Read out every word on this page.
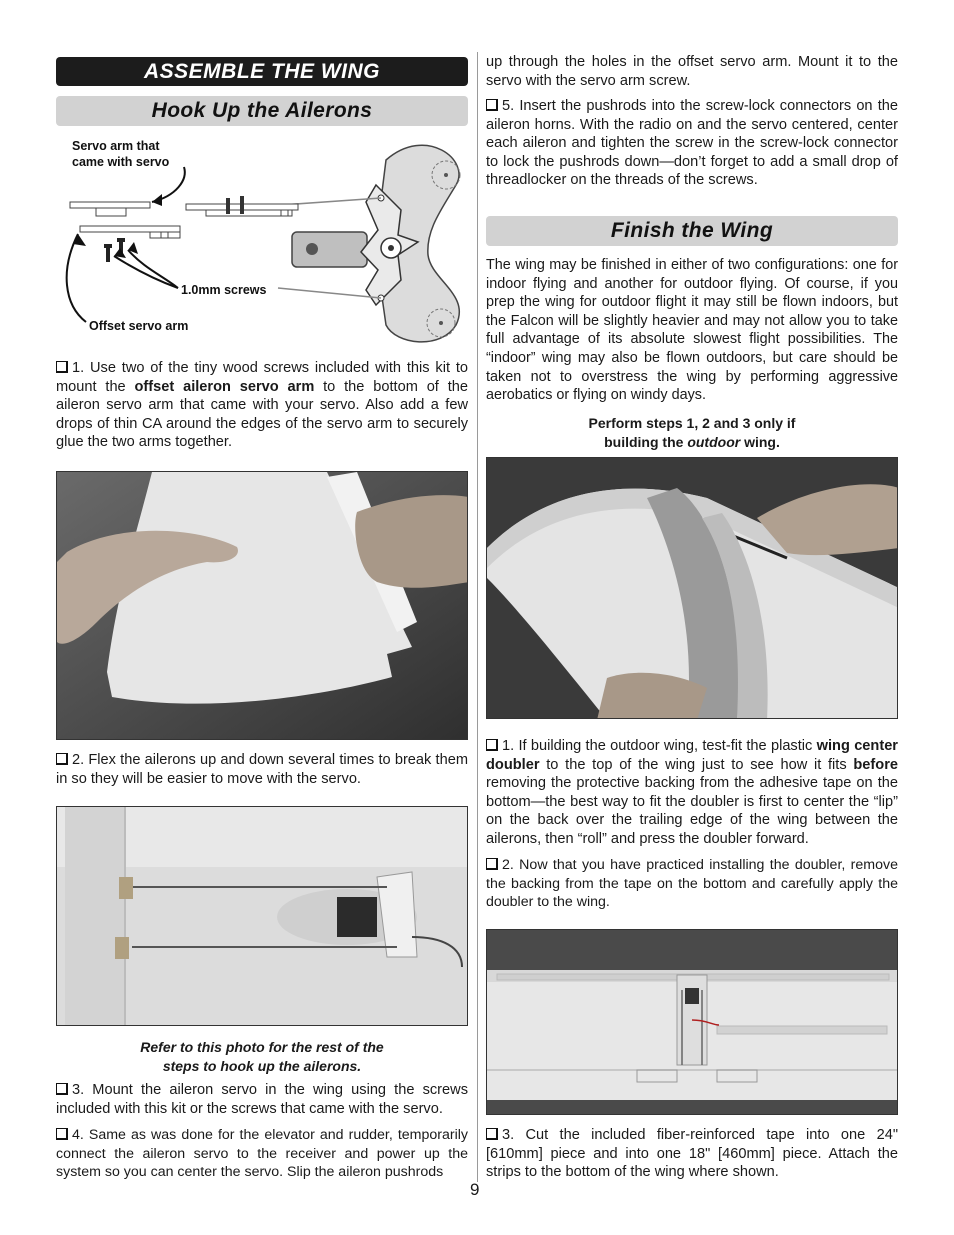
ASSEMBLE THE WING
Hook Up the Ailerons
Servo arm that
came with servo
1.0mm screws
Offset servo arm
1. Use two of the tiny wood screws included with this kit to mount the offset aileron servo arm to the bottom of the aileron servo arm that came with your servo. Also add a few drops of thin CA around the edges of the servo arm to securely glue the two arms together.
2. Flex the ailerons up and down several times to break them in so they will be easier to move with the servo.
Refer to this photo for the rest of the
steps to hook up the ailerons.
3. Mount the aileron servo in the wing using the screws included with this kit or the screws that came with the servo.
4. Same as was done for the elevator and rudder, temporarily connect the aileron servo to the receiver and power up the system so you can center the servo. Slip the aileron pushrods
up through the holes in the offset servo arm. Mount it to the servo with the servo arm screw.
5. Insert the pushrods into the screw-lock connectors on the aileron horns. With the radio on and the servo centered, center each aileron and tighten the screw in the screw-lock connector to lock the pushrods down—don’t forget to add a small drop of threadlocker on the threads of the screws.
Finish the Wing
The wing may be finished in either of two configurations: one for indoor flying and another for outdoor flying. Of course, if you prep the wing for outdoor flight it may still be flown indoors, but the Falcon will be slightly heavier and may not allow you to take full advantage of its absolute slowest flight possibilities. The “indoor” wing may also be flown outdoors, but care should be taken not to overstress the wing by performing aggressive aerobatics or flying on windy days.
Perform steps 1, 2 and 3 only if
building the outdoor wing.
1. If building the outdoor wing, test-fit the plastic wing center doubler to the top of the wing just to see how it fits before removing the protective backing from the adhesive tape on the bottom—the best way to fit the doubler is first to center the “lip” on the back over the trailing edge of the wing between the ailerons, then “roll” and press the doubler forward.
2. Now that you have practiced installing the doubler, remove the backing from the tape on the bottom and carefully apply the doubler to the wing.
3. Cut the included fiber-reinforced tape into one 24" [610mm] piece and into one 18" [460mm] piece. Attach the strips to the bottom of the wing where shown.
9
